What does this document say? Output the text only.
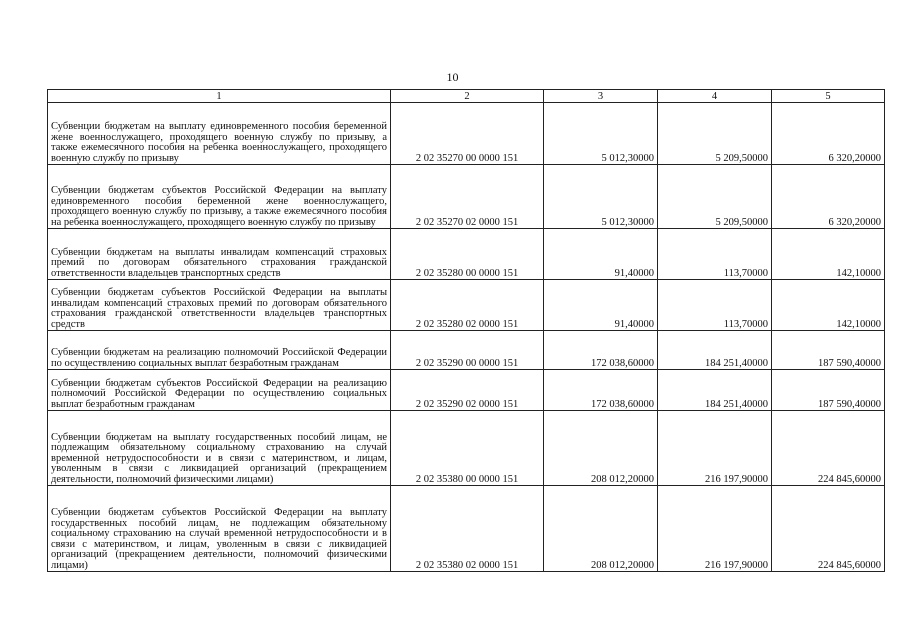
10
1	2	3	4	5
Субвенции бюджетам на выплату единовременного пособия беременной жене военнослужащего, проходящего военную службу по призыву, а также ежемесячного пособия на ребенка военнослужащего, проходящего военную службу по призыву	2 02 35270 00 0000 151	5 012,30000	5 209,50000	6 320,20000
Субвенции бюджетам субъектов Российской Федерации на выплату единовременного пособия беременной жене военнослужащего, проходящего военную службу по призыву, а также ежемесячного пособия на ребенка военнослужащего, проходящего военную службу по призыву	2 02 35270 02 0000 151	5 012,30000	5 209,50000	6 320,20000
Субвенции бюджетам на выплаты инвалидам компенсаций страховых премий по договорам обязательного страхования гражданской ответственности владельцев транспортных средств	2 02 35280 00 0000 151	91,40000	113,70000	142,10000
Субвенции бюджетам субъектов Российской Федерации на выплаты инвалидам компенсаций страховых премий по договорам обязательного страхования гражданской ответственности владельцев транспортных средств	2 02 35280 02 0000 151	91,40000	113,70000	142,10000
Субвенции бюджетам на реализацию полномочий Российской Федерации по осуществлению социальных выплат безработным гражданам	2 02 35290 00 0000 151	172 038,60000	184 251,40000	187 590,40000
Субвенции бюджетам субъектов Российской Федерации на реализацию полномочий Российской Федерации по осуществлению социальных выплат безработным гражданам	2 02 35290 02 0000 151	172 038,60000	184 251,40000	187 590,40000
Субвенции бюджетам на выплату государственных пособий лицам, не подлежащим обязательному социальному страхованию на случай временной нетрудоспособности и в связи с материнством, и лицам, уволенным в связи с ликвидацией организаций (прекращением деятельности, полномочий физическими лицами)	2 02 35380 00 0000 151	208 012,20000	216 197,90000	224 845,60000
Субвенции бюджетам субъектов Российской Федерации на выплату государственных пособий лицам, не подлежащим обязательному социальному страхованию на случай временной нетрудоспособности и в связи с материнством, и лицам, уволенным в связи с ликвидацией организаций (прекращением деятельности, полномочий физическими лицами)	2 02 35380 02 0000 151	208 012,20000	216 197,90000	224 845,60000
